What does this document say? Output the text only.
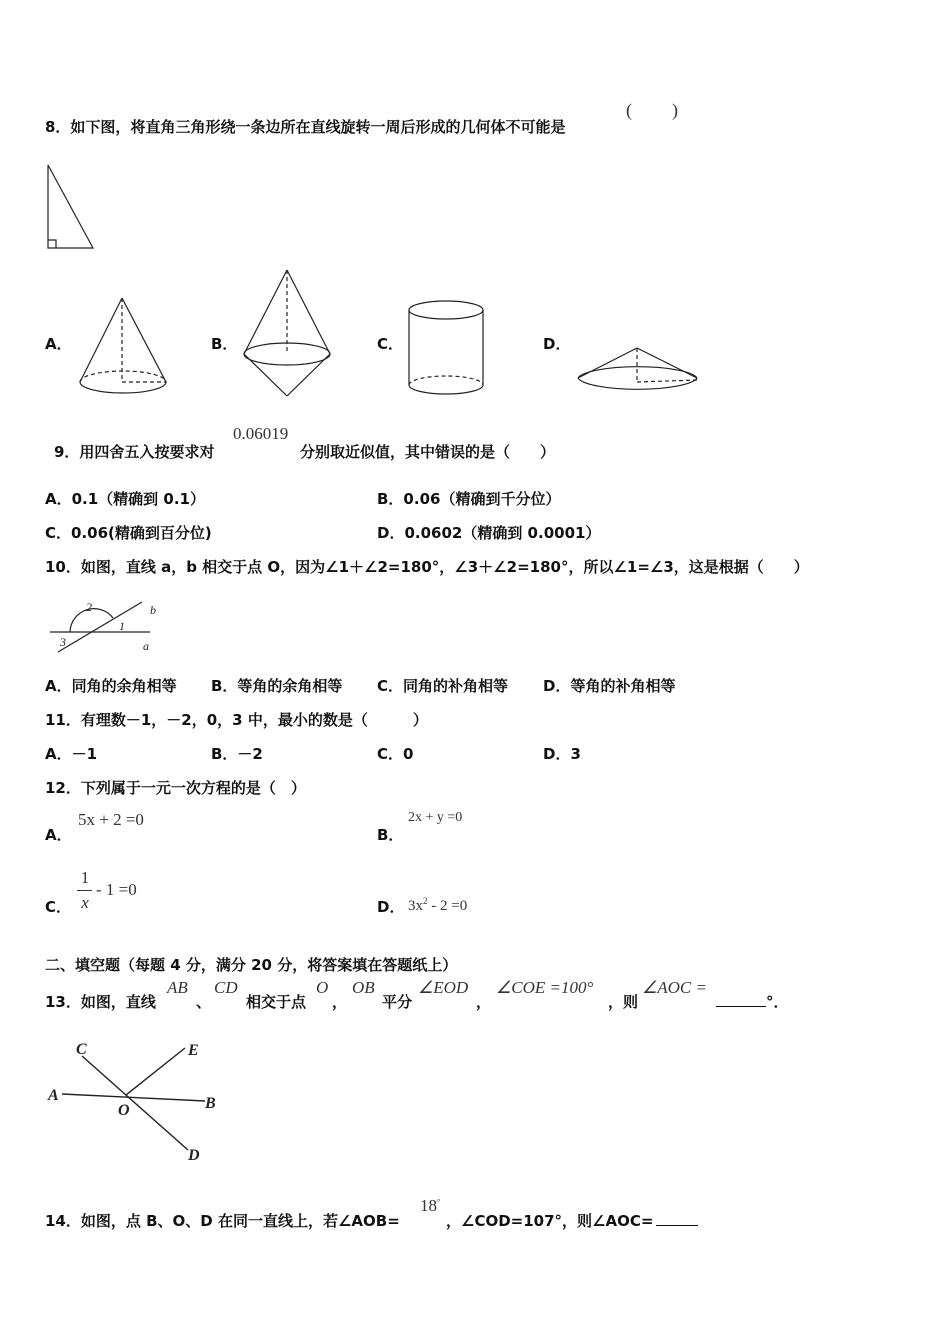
8．如下图，将直角三角形绕一条边所在直线旋转一周后形成的几何体不可能是
( )
A．	B．	C．	D．
9．用四舍五入按要求对
0.06019
分别取近似值，其中错误的是（　　）
A．0.1（精确到 0.1）	B．0.06（精确到千分位）
C．0.06(精确到百分位)	D．0.0602（精确到 0.0001）
10．如图，直线 a，b 相交于点 O，因为∠1＋∠2=180°，∠3＋∠2=180°，所以∠1=∠3，这是根据（　　）
2
1
3
b
a
A．同角的余角相等 B．等角的余角相等 C．同角的补角相等 D．等角的补角相等
11．有理数－1，－2，0，3 中，最小的数是（　　　）
A．－1	B．－2	C．0	D．3
12．下列属于一元一次方程的是（　）
A．
5x + 2 =0
B．
2x + y =0
C．
1
x
- 1 =0
D． $3x^2 - 2 =0$
二、填空题（每题 4 分，满分 20 分，将答案填在答题纸上）
13．如图，直线
AB
、
CD
相交于点
O
，
OB
平分
∠EOD
，
∠COE =100°
，则
∠AOC =
°．
C	E
A
O	B
D
14．如图，点 B、O、D 在同一直线上，若∠AOB=
18°
，∠COD=107°，则∠AOC=
